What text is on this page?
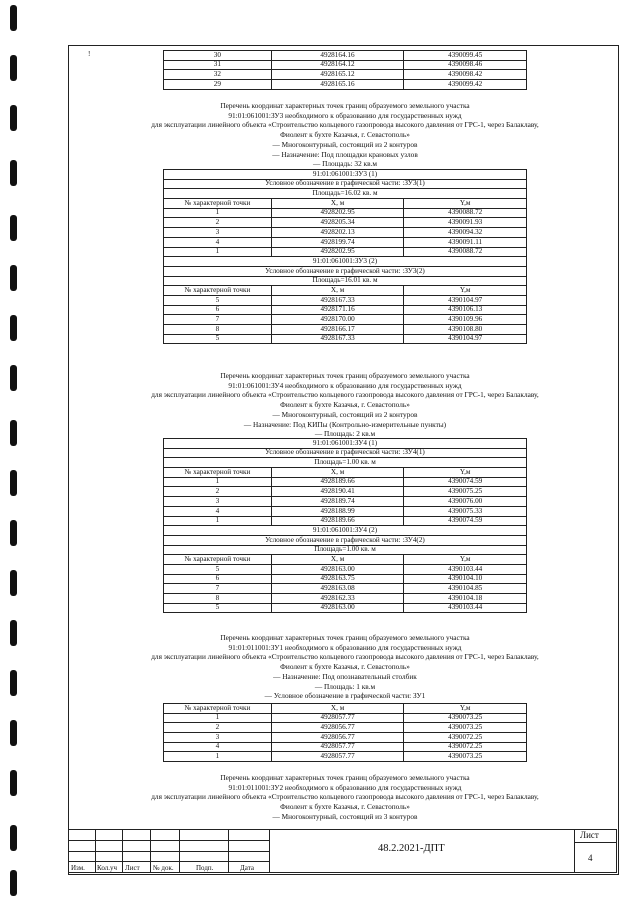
!	30	4928164.16	4390099.45
31	4928164.12	4390098.46
32	4928165.12	4390098.42
29	4928165.16	4390099.42
Перечень координат характерных точек границ образуемого земельного участка
91:01:061001:ЗУ3 необходимого к образованию для государственных нужд
для эксплуатации линейного объекта «Строительство кольцевого газопровода высокого давления от ГРС-1, через Балаклаву,
Фиолент к бухте Казачья, г. Севастополь»
— Многоконтурный, состоящий из 2 контуров
— Назначение: Под площадки крановых узлов
— Площадь: 32 кв.м
91:01:061001:ЗУ3 (1)		
Условное обозначение в графической части: :ЗУ3(1)		
Площадь=16.02 кв. м		
№ характерной точки	X, м	Y,м
1	4928202.95	4390088.72
2	4928205.34	4390091.93
3	4928202.13	4390094.32
4	4928199.74	4390091.11
1	4928202.95	4390088.72
91:01:061001:ЗУ3 (2)		
Условное обозначение в графической части: :ЗУ3(2)		
Площадь=16.01 кв. м		
№ характерной точки	X, м	Y,м
5	4928167.33	4390104.97
6	4928171.16	4390106.13
7	4928170.00	4390109.96
8	4928166.17	4390108.80
5	4928167.33	4390104.97
Перечень координат характерных точек границ образуемого земельного участка
91:01:061001:ЗУ4 необходимого к образованию для государственных нужд
для эксплуатации линейного объекта «Строительство кольцевого газопровода высокого давления от ГРС-1, через Балаклаву,
Фиолент к бухте Казачья, г. Севастополь»
— Многоконтурный, состоящий из 2 контуров
— Назначение: Под КИПы (Контрольно-измерительные пункты)
— Площадь: 2 кв.м
91:01:061001:ЗУ4 (1)		
Условное обозначение в графической части: :ЗУ4(1)		
Площадь=1.00 кв. м		
№ характерной точки	X, м	Y,м
1	4928189.66	4390074.59
2	4928190.41	4390075.25
3	4928189.74	4390076.00
4	4928188.99	4390075.33
1	4928189.66	4390074.59
91:01:061001:ЗУ4 (2)		
Условное обозначение в графической части: :ЗУ4(2)		
Площадь=1.00 кв. м		
№ характерной точки	X, м	Y,м
5	4928163.00	4390103.44
6	4928163.75	4390104.10
7	4928163.08	4390104.85
8	4928162.33	4390104.18
5	4928163.00	4390103.44
Перечень координат характерных точек границ образуемого земельного участка
91:01:011001:ЗУ1 необходимого к образованию для государственных нужд
для эксплуатации линейного объекта «Строительство кольцевого газопровода высокого давления от ГРС-1, через Балаклаву,
Фиолент к бухте Казачья, г. Севастополь»
— Назначение: Под опознавательный столбик
— Площадь: 1 кв.м
— Условное обозначение в графической части: ЗУ1
№ характерной точки	X, м	Y,м
1	4928057.77	4390073.25
2	4928056.77	4390073.25
3	4928056.77	4390072.25
4	4928057.77	4390072.25
1	4928057.77	4390073.25
Перечень координат характерных точек границ образуемого земельного участка
91:01:011001:ЗУ2 необходимого к образованию для государственных нужд
для эксплуатации линейного объекта «Строительство кольцевого газопровода высокого давления от ГРС-1, через Балаклаву,
Фиолент к бухте Казачья, г. Севастополь»
— Многоконтурный, состоящий из 3 контуров
Изм. Кол.уч Лист № док.	Подп.	Дата
48.2.2021-ДПТ
Лист
4
